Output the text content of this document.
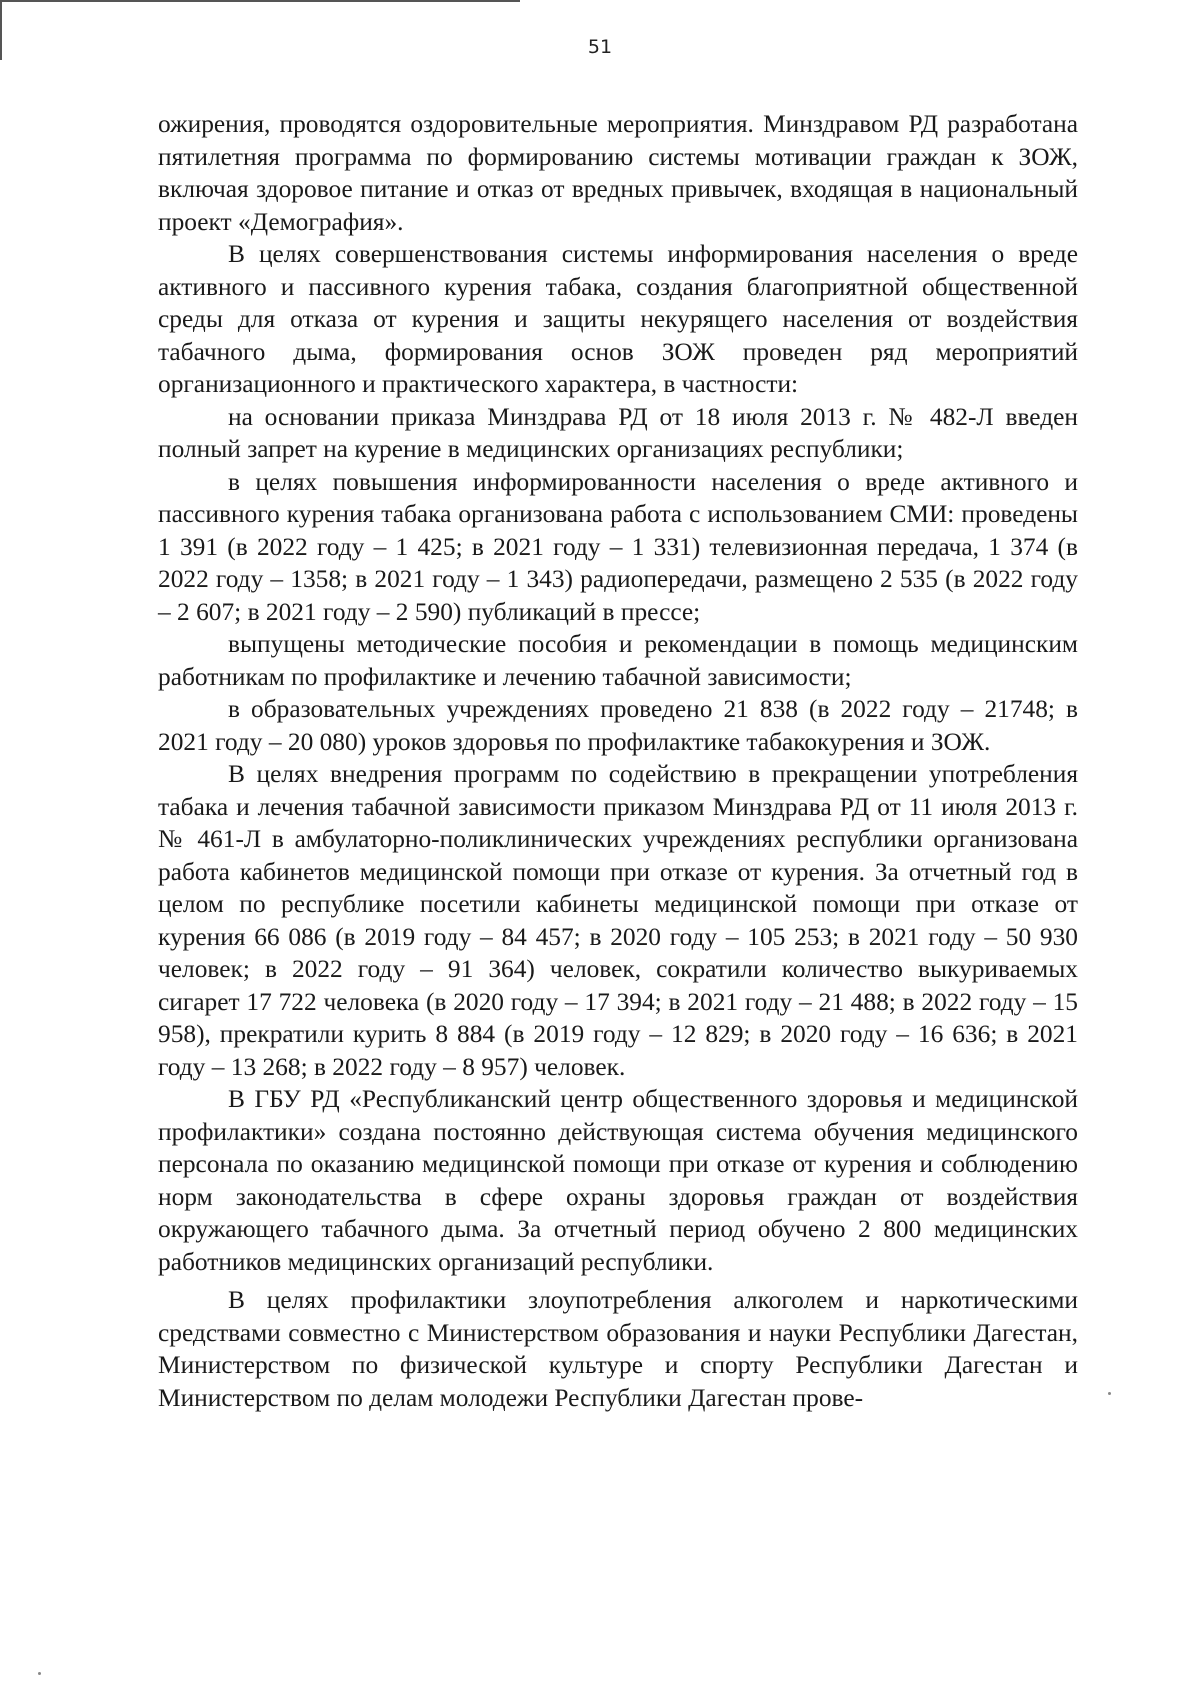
51

ожирения, проводятся оздоровительные мероприятия. Минздравом РД разработана пятилетняя программа по формированию системы мотивации граждан к ЗОЖ, включая здоровое питание и отказ от вредных привычек, входящая в национальный проект «Демография».

В целях совершенствования системы информирования населения о вреде активного и пассивного курения табака, создания благоприятной общественной среды для отказа от курения и защиты некурящего населения от воздействия табачного дыма, формирования основ ЗОЖ проведен ряд мероприятий организационного и практического характера, в частности:

на основании приказа Минздрава РД от 18 июля 2013 г. № 482-Л введен полный запрет на курение в медицинских организациях республики;

в целях повышения информированности населения о вреде активного и пассивного курения табака организована работа с использованием СМИ: проведены 1 391 (в 2022 году – 1 425; в 2021 году – 1 331) телевизионная передача, 1 374 (в 2022 году – 1358; в 2021 году – 1 343) радиопередачи, размещено 2 535 (в 2022 году – 2 607; в 2021 году – 2 590) публикаций в прессе;

выпущены методические пособия и рекомендации в помощь медицинским работникам по профилактике и лечению табачной зависимости;

в образовательных учреждениях проведено 21 838 (в 2022 году – 21748; в 2021 году – 20 080) уроков здоровья по профилактике табакокурения и ЗОЖ.

В целях внедрения программ по содействию в прекращении употребления табака и лечения табачной зависимости приказом Минздрава РД от 11 июля 2013 г. № 461-Л в амбулаторно-поликлинических учреждениях республики организована работа кабинетов медицинской помощи при отказе от курения. За отчетный год в целом по республике посетили кабинеты медицинской помощи при отказе от курения 66 086 (в 2019 году – 84 457; в 2020 году – 105 253; в 2021 году – 50 930 человек; в 2022 году – 91 364) человек, сократили количество выкуриваемых сигарет 17 722 человека (в 2020 году – 17 394; в 2021 году – 21 488; в 2022 году – 15 958), прекратили курить 8 884 (в 2019 году – 12 829; в 2020 году – 16 636; в 2021 году – 13 268; в 2022 году – 8 957) человек.

В ГБУ РД «Республиканский центр общественного здоровья и медицинской профилактики» создана постоянно действующая система обучения медицинского персонала по оказанию медицинской помощи при отказе от курения и соблюдению норм законодательства в сфере охраны здоровья граждан от воздействия окружающего табачного дыма. За отчетный период обучено 2 800 медицинских работников медицинских организаций республики.

В целях профилактики злоупотребления алкоголем и наркотическими средствами совместно с Министерством образования и науки Республики Дагестан, Министерством по физической культуре и спорту Республики Дагестан и Министерством по делам молодежи Республики Дагестан прове-
